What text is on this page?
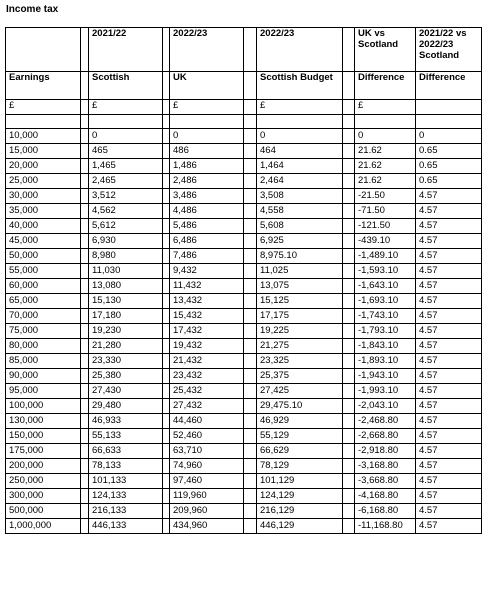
Income tax
		2021/22		2022/23		2022/23		UK vs Scotland	2021/22 vs 2022/23 Scotland
Earnings		Scottish		UK		Scottish Budget		Difference	Difference
£		£		£		£		£	

10,000		0		0		0		0	0
15,000		465		486		464		21.62	0.65
20,000		1,465		1,486		1,464		21.62	0.65
25,000		2,465		2,486		2,464		21.62	0.65
30,000		3,512		3,486		3,508		-21.50	4.57
35,000		4,562		4,486		4,558		-71.50	4.57
40,000		5,612		5,486		5,608		-121.50	4.57
45,000		6,930		6,486		6,925		-439.10	4.57
50,000		8,980		7,486		8,975.10		-1,489.10	4.57
55,000		11,030		9,432		11,025		-1,593.10	4.57
60,000		13,080		11,432		13,075		-1,643.10	4.57
65,000		15,130		13,432		15,125		-1,693.10	4.57
70,000		17,180		15,432		17,175		-1,743.10	4.57
75,000		19,230		17,432		19,225		-1,793.10	4.57
80,000		21,280		19,432		21,275		-1,843.10	4.57
85,000		23,330		21,432		23,325		-1,893.10	4.57
90,000		25,380		23,432		25,375		-1,943.10	4.57
95,000		27,430		25,432		27,425		-1,993.10	4.57
100,000		29,480		27,432		29,475.10		-2,043.10	4.57
130,000		46,933		44,460		46,929		-2,468.80	4.57
150,000		55,133		52,460		55,129		-2,668.80	4.57
175,000		66,633		63,710		66,629		-2,918.80	4.57
200,000		78,133		74,960		78,129		-3,168.80	4.57
250,000		101,133		97,460		101,129		-3,668.80	4.57
300,000		124,133		119,960		124,129		-4,168.80	4.57
500,000		216,133		209,960		216,129		-6,168.80	4.57
1,000,000		446,133		434,960		446,129		-11,168.80	4.57
